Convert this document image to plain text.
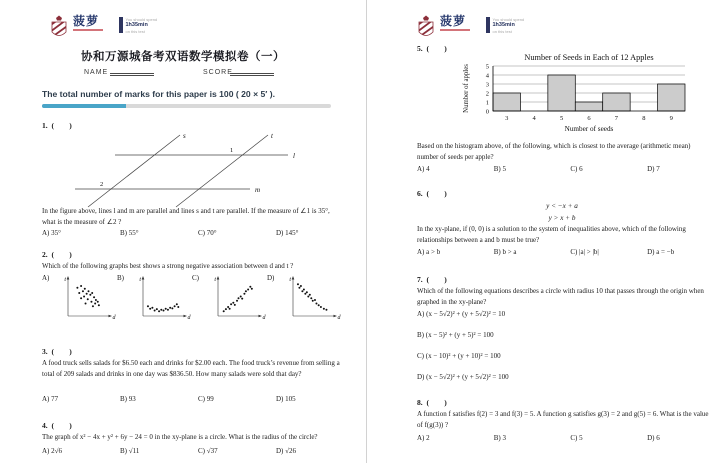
菠萝	You should spend
1h35min
on this test
协和万源城备考双语数学模拟卷（一）
NAME	SCORE
The total number of marks for this paper is 100 ( 20 × 5′ ).
1. (        )
l
m
s	t
1
2
In the figure above, lines l and m are parallel and lines s and t are parallel. If the measure of ∠1 is 35°, what is the measure of ∠2 ?
A) 35°	B) 55°	C) 70°	D) 145°
2. (        )
Which of the following graphs best shows a strong negative association between d and t ?
A)	t
d
B)	t
d
C)	t
d
D)	t
d
3. (        )
A food truck sells salads for $6.50 each and drinks for $2.00 each. The food truck’s revenue from selling a total of 209 salads and drinks in one day was $836.50. How many salads were sold that day?
A) 77	B) 93	C) 99	D) 105
4. (        )
The graph of x² − 4x + y² + 6y − 24 = 0 in the xy-plane is a circle. What is the radius of the circle?
A) 2√6	B) √11	C) √37	D) √26
菠萝	You should spend
1h35min
on this test
5. (        )
Number of Seeds in Each of 12 Apples
0
1
2
3
4
5
3	4	5	6	7	8	9
Number of seeds
Number of apples
Based on the histogram above, of the following, which is closest to the average (arithmetic mean) number of seeds per apple?
A) 4	B) 5	C) 6	D) 7
6. (        )
y < −x + a
y > x + b
In the xy-plane, if (0, 0) is a solution to the system of inequalities above, which of the following relationships between a and b must be true?
A) a > b	B) b > a	C) |a| > |b|	D) a = −b
7. (        )
Which of the following equations describes a circle with radius 10 that passes through the origin when graphed in the xy-plane?
A) (x − 5√2)² + (y + 5√2)² = 10
B) (x − 5)² + (y + 5)² = 100
C) (x − 10)² + (y + 10)² = 100
D) (x − 5√2)² + (y + 5√2)² = 100
8. (        )
A function f satisfies f(2) = 3 and f(3) = 5. A function g satisfies g(3) = 2 and g(5) = 6. What is the value of f(g(3)) ?
A) 2	B) 3	C) 5	D) 6
